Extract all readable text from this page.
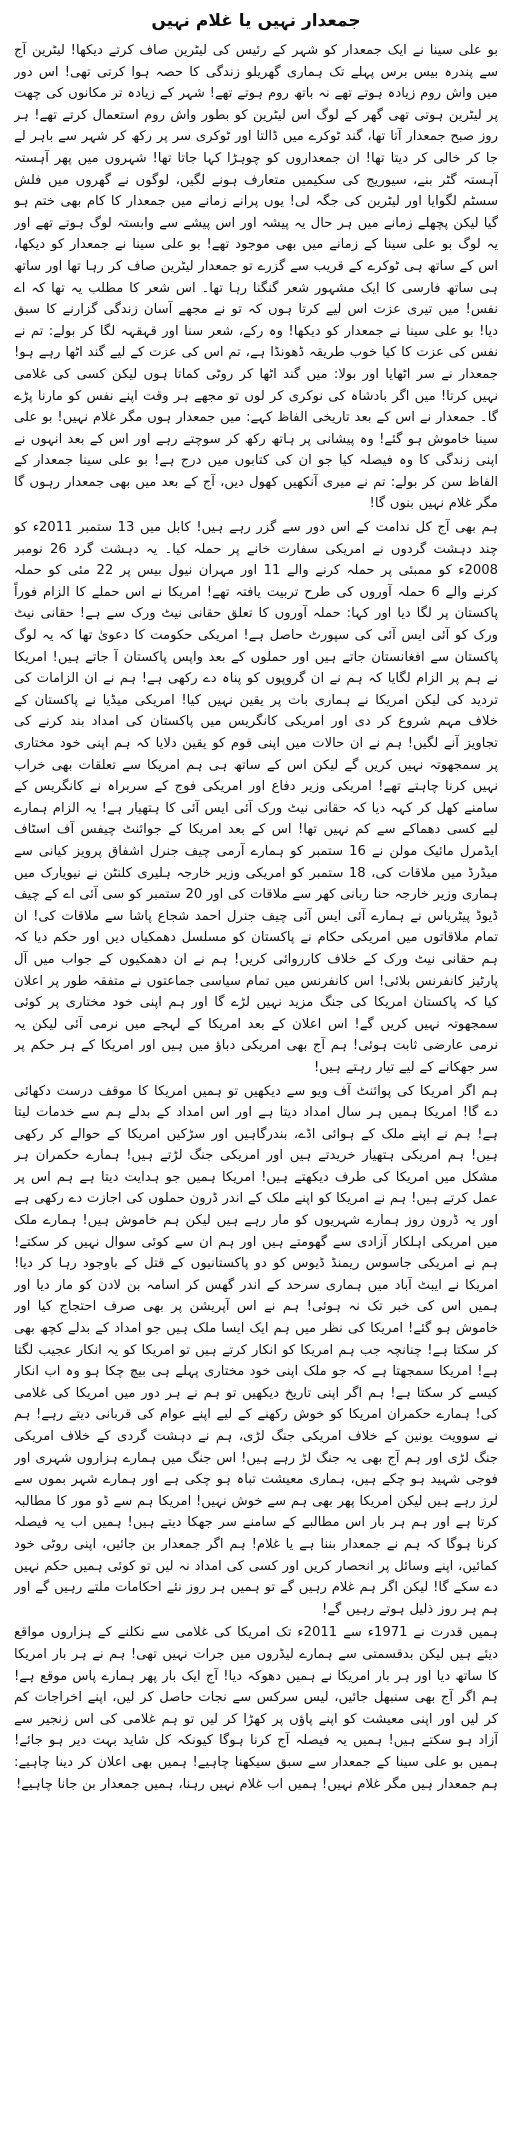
جمعدار نہیں یا غلام نہیں

بو علی سینا نے ایک جمعدار کو شہر کے رئیس کی لیٹرین صاف کرتے دیکھا! لیٹرین آج سے پندرہ بیس برس پہلے تک ہماری گھریلو زندگی کا حصہ ہوا کرتی تھی! اس دور میں واش روم زیادہ ہوتے تھے نہ باتھ روم ہوتے تھے! شہر کے زیادہ تر مکانوں کی چھت پر لیٹرین ہوتی تھی گھر کے لوگ اس لیٹرین کو بطور واش روم استعمال کرتے تھے! ہر روز صبح جمعدار آتا تھا، گند ٹوکرے میں ڈالتا اور ٹوکری سر پر رکھ کر شہر سے باہر لے جا کر خالی کر دیتا تھا! ان جمعداروں کو چوہڑا کہا جاتا تھا! شہروں میں پھر آہستہ آہستہ گٹر بنے، سیوریج کی سکیمیں متعارف ہونے لگیں، لوگوں نے گھروں میں فلش سسٹم لگوایا اور لیٹرین کی جگہ لی! یوں پرانے زمانے میں جمعدار کا کام بھی ختم ہو گیا لیکن پچھلے زمانے میں ہر حال یہ پیشہ اور اس پیشے سے وابستہ لوگ ہوتے تھے اور یہ لوگ بو علی سینا کے زمانے میں بھی موجود تھے! بو علی سینا نے جمعدار کو دیکھا، اس کے ساتھ ہی ٹوکرے کے قریب سے گزرے تو جمعدار لیٹرین صاف کر رہا تھا اور ساتھ ہی ساتھ فارسی کا ایک مشہور شعر گنگنا رہا تھا۔ اس شعر کا مطلب یہ تھا کہ اے نفس! میں تیری عزت اس لیے کرتا ہوں کہ تو نے مجھے آسان زندگی گزارنے کا سبق دیا! بو علی سینا نے جمعدار کو دیکھا! وہ رکے، شعر سنا اور قہقہہ لگا کر بولے: تم نے نفس کی عزت کا کیا خوب طریقہ ڈھونڈا ہے، تم اس کی عزت کے لیے گند اٹھا رہے ہو! جمعدار نے سر اٹھایا اور بولا: میں گند اٹھا کر روٹی کماتا ہوں لیکن کسی کی غلامی نہیں کرتا! میں اگر بادشاہ کی نوکری کر لوں تو مجھے ہر وقت اپنے نفس کو مارنا پڑے گا۔ جمعدار نے اس کے بعد تاریخی الفاظ کہے: میں جمعدار ہوں مگر غلام نہیں! بو علی سینا خاموش ہو گئے! وہ پیشانی پر ہاتھ رکھ کر سوچتے رہے اور اس کے بعد انہوں نے اپنی زندگی کا وہ فیصلہ کیا جو ان کی کتابوں میں درج ہے! بو علی سینا جمعدار کے الفاظ سن کر بولے: تم نے میری آنکھیں کھول دیں، آج کے بعد میں بھی جمعدار رہوں گا مگر غلام نہیں بنوں گا!

ہم بھی آج کل ندامت کے اس دور سے گزر رہے ہیں! کابل میں 13 ستمبر 2011ء کو چند دہشت گردوں نے امریکی سفارت خانے پر حملہ کیا۔ یہ دہشت گرد 26 نومبر 2008ء کو ممبئی پر حملہ کرنے والے 11 اور مہران نیول بیس پر 22 مئی کو حملہ کرنے والے 6 حملہ آوروں کی طرح تربیت یافتہ تھے! امریکا نے اس حملے کا الزام فوراً پاکستان پر لگا دیا اور کہا: حملہ آوروں کا تعلق حقانی نیٹ ورک سے ہے! حقانی نیٹ ورک کو آئی ایس آئی کی سپورٹ حاصل ہے! امریکی حکومت کا دعویٰ تھا کہ یہ لوگ پاکستان سے افغانستان جاتے ہیں اور حملوں کے بعد واپس پاکستان آ جاتے ہیں! امریکا نے ہم پر الزام لگایا کہ ہم نے ان گروپوں کو پناہ دے رکھی ہے! ہم نے ان الزامات کی تردید کی لیکن امریکا نے ہماری بات پر یقین نہیں کیا! امریکی میڈیا نے پاکستان کے خلاف مہم شروع کر دی اور امریکی کانگریس میں پاکستان کی امداد بند کرنے کی تجاویز آنے لگیں! ہم نے ان حالات میں اپنی قوم کو یقین دلایا کہ ہم اپنی خود مختاری پر سمجھوتہ نہیں کریں گے لیکن اس کے ساتھ ہی ہم امریکا سے تعلقات بھی خراب نہیں کرنا چاہتے تھے! امریکی وزیر دفاع اور امریکی فوج کے سربراہ نے کانگریس کے سامنے کھل کر کہہ دیا کہ حقانی نیٹ ورک آئی ایس آئی کا ہتھیار ہے! یہ الزام ہمارے لیے کسی دھماکے سے کم نہیں تھا! اس کے بعد امریکا کے جوائنٹ چیفس آف اسٹاف ایڈمرل مائیک مولن نے 16 ستمبر کو ہمارے آرمی چیف جنرل اشفاق پرویز کیانی سے میڈرڈ میں ملاقات کی، 18 ستمبر کو امریکی وزیر خارجہ ہلیری کلنٹن نے نیویارک میں ہماری وزیر خارجہ حنا ربانی کھر سے ملاقات کی اور 20 ستمبر کو سی آئی اے کے چیف ڈیوڈ پیٹریاس نے ہمارے آئی ایس آئی چیف جنرل احمد شجاع پاشا سے ملاقات کی! ان تمام ملاقاتوں میں امریکی حکام نے پاکستان کو مسلسل دھمکیاں دیں اور حکم دیا کہ ہم حقانی نیٹ ورک کے خلاف کارروائی کریں! ہم نے ان دھمکیوں کے جواب میں آل پارٹیز کانفرنس بلائی! اس کانفرنس میں تمام سیاسی جماعتوں نے متفقہ طور پر اعلان کیا کہ پاکستان امریکا کی جنگ مزید نہیں لڑے گا اور ہم اپنی خود مختاری پر کوئی سمجھوتہ نہیں کریں گے! اس اعلان کے بعد امریکا کے لہجے میں نرمی آئی لیکن یہ نرمی عارضی ثابت ہوئی! ہم آج بھی امریکی دباؤ میں ہیں اور امریکا کے ہر حکم پر سر جھکانے کے لیے تیار رہتے ہیں!

ہم اگر امریکا کی پوائنٹ آف ویو سے دیکھیں تو ہمیں امریکا کا موقف درست دکھائی دے گا! امریکا ہمیں ہر سال امداد دیتا ہے اور اس امداد کے بدلے ہم سے خدمات لیتا ہے! ہم نے اپنے ملک کے ہوائی اڈے، بندرگاہیں اور سڑکیں امریکا کے حوالے کر رکھی ہیں! ہم امریکی ہتھیار خریدتے ہیں اور امریکی جنگ لڑتے ہیں! ہمارے حکمران ہر مشکل میں امریکا کی طرف دیکھتے ہیں! امریکا ہمیں جو ہدایت دیتا ہے ہم اس پر عمل کرتے ہیں! ہم نے امریکا کو اپنے ملک کے اندر ڈرون حملوں کی اجازت دے رکھی ہے اور یہ ڈرون روز ہمارے شہریوں کو مار رہے ہیں لیکن ہم خاموش ہیں! ہمارے ملک میں امریکی اہلکار آزادی سے گھومتے ہیں اور ہم ان سے کوئی سوال نہیں کر سکتے! ہم نے امریکی جاسوس ریمنڈ ڈیوس کو دو پاکستانیوں کے قتل کے باوجود رہا کر دیا! امریکا نے ایبٹ آباد میں ہماری سرحد کے اندر گھس کر اسامہ بن لادن کو مار دیا اور ہمیں اس کی خبر تک نہ ہوئی! ہم نے اس آپریشن پر بھی صرف احتجاج کیا اور خاموش ہو گئے! امریکا کی نظر میں ہم ایک ایسا ملک ہیں جو امداد کے بدلے کچھ بھی کر سکتا ہے! چنانچہ جب ہم امریکا کو انکار کرتے ہیں تو امریکا کو یہ انکار عجیب لگتا ہے! امریکا سمجھتا ہے کہ جو ملک اپنی خود مختاری پہلے ہی بیچ چکا ہو وہ اب انکار کیسے کر سکتا ہے! ہم اگر اپنی تاریخ دیکھیں تو ہم نے ہر دور میں امریکا کی غلامی کی! ہمارے حکمران امریکا کو خوش رکھنے کے لیے اپنے عوام کی قربانی دیتے رہے! ہم نے سوویت یونین کے خلاف امریکی جنگ لڑی، ہم نے دہشت گردی کے خلاف امریکی جنگ لڑی اور ہم آج بھی یہ جنگ لڑ رہے ہیں! اس جنگ میں ہمارے ہزاروں شہری اور فوجی شہید ہو چکے ہیں، ہماری معیشت تباہ ہو چکی ہے اور ہمارے شہر بموں سے لرز رہے ہیں لیکن امریکا پھر بھی ہم سے خوش نہیں! امریکا ہم سے ڈو مور کا مطالبہ کرتا ہے اور ہم ہر بار اس مطالبے کے سامنے سر جھکا دیتے ہیں! ہمیں اب یہ فیصلہ کرنا ہوگا کہ ہم نے جمعدار بننا ہے یا غلام! ہم اگر جمعدار بن جائیں، اپنی روٹی خود کمائیں، اپنے وسائل پر انحصار کریں اور کسی کی امداد نہ لیں تو کوئی ہمیں حکم نہیں دے سکے گا! لیکن اگر ہم غلام رہیں گے تو ہمیں ہر روز نئے احکامات ملتے رہیں گے اور ہم ہر روز ذلیل ہوتے رہیں گے!

ہمیں قدرت نے 1971ء سے 2011ء تک امریکا کی غلامی سے نکلنے کے ہزاروں مواقع دیئے ہیں لیکن بدقسمتی سے ہمارے لیڈروں میں جرات نہیں تھی! ہم نے ہر بار امریکا کا ساتھ دیا اور ہر بار امریکا نے ہمیں دھوکہ دیا! آج ایک بار پھر ہمارے پاس موقع ہے! ہم اگر آج بھی سنبھل جائیں، لیس سرکس سے نجات حاصل کر لیں، اپنے اخراجات کم کر لیں اور اپنی معیشت کو اپنے پاؤں پر کھڑا کر لیں تو ہم غلامی کی اس زنجیر سے آزاد ہو سکتے ہیں! ہمیں یہ فیصلہ آج کرنا ہوگا کیونکہ کل شاید بہت دیر ہو جائے! ہمیں بو علی سینا کے جمعدار سے سبق سیکھنا چاہیے! ہمیں بھی اعلان کر دینا چاہیے: ہم جمعدار ہیں مگر غلام نہیں! ہمیں اب غلام نہیں رہنا، ہمیں جمعدار بن جانا چاہیے!
